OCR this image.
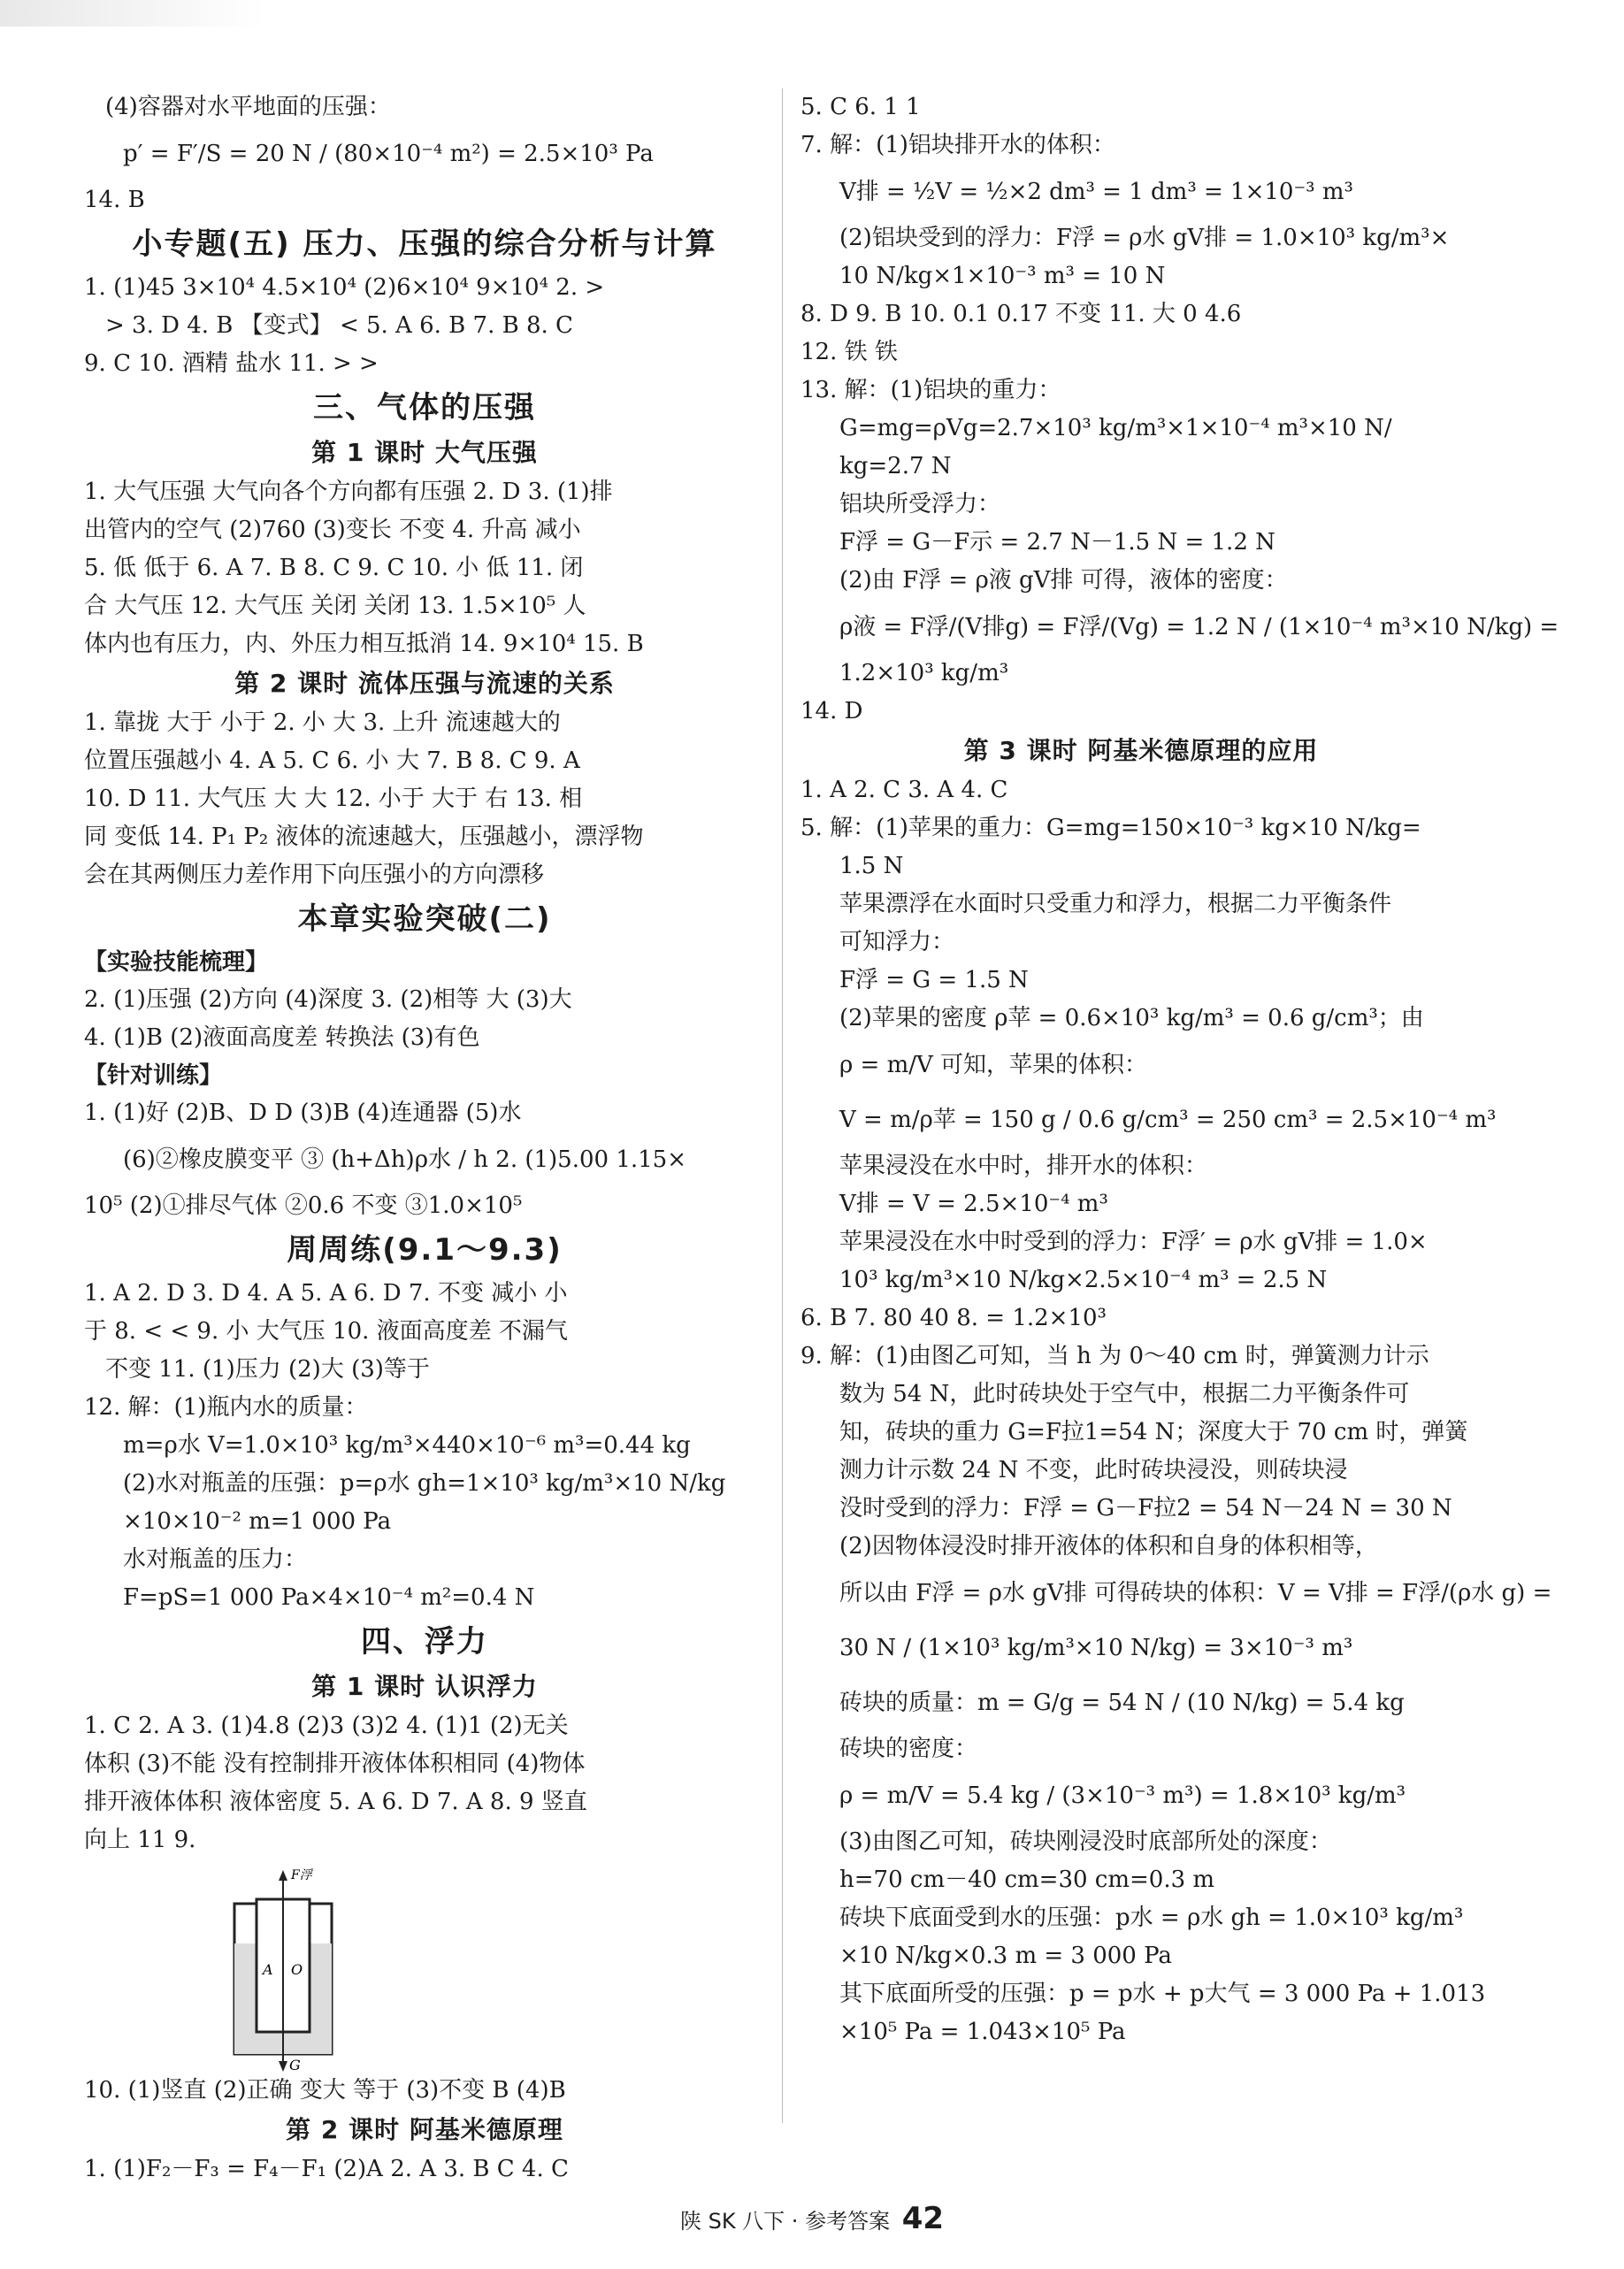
(4)容器对水平地面的压强：
p′ = F′/S = 20 N / (80×10⁻⁴ m²) = 2.5×10³ Pa
14. B
小专题(五) 压力、压强的综合分析与计算
1. (1)45 3×10⁴ 4.5×10⁴ (2)6×10⁴ 9×10⁴ 2. >
> 3. D 4. B 【变式】 < 5. A 6. B 7. B 8. C
9. C 10. 酒精 盐水 11. > >
三、气体的压强
第 1 课时 大气压强
1. 大气压强 大气向各个方向都有压强 2. D 3. (1)排
出管内的空气 (2)760 (3)变长 不变 4. 升高 减小
5. 低 低于 6. A 7. B 8. C 9. C 10. 小 低 11. 闭
合 大气压 12. 大气压 关闭 关闭 13. 1.5×10⁵ 人
体内也有压力，内、外压力相互抵消 14. 9×10⁴ 15. B
第 2 课时 流体压强与流速的关系
1. 靠拢 大于 小于 2. 小 大 3. 上升 流速越大的
位置压强越小 4. A 5. C 6. 小 大 7. B 8. C 9. A
10. D 11. 大气压 大 大 12. 小于 大于 右 13. 相
同 变低 14. P₁ P₂ 液体的流速越大，压强越小，漂浮物
会在其两侧压力差作用下向压强小的方向漂移
本章实验突破(二)
【实验技能梳理】
2. (1)压强 (2)方向 (4)深度 3. (2)相等 大 (3)大
4. (1)B (2)液面高度差 转换法 (3)有色
【针对训练】
1. (1)好 (2)B、D D (3)B (4)连通器 (5)水
(6)②橡皮膜变平 ③ (h+Δh)ρ水 / h 2. (1)5.00 1.15×
10⁵ (2)①排尽气体 ②0.6 不变 ③1.0×10⁵
周周练(9.1～9.3)
1. A 2. D 3. D 4. A 5. A 6. D 7. 不变 减小 小
于 8. < < 9. 小 大气压 10. 液面高度差 不漏气
不变 11. (1)压力 (2)大 (3)等于
12. 解：(1)瓶内水的质量：
m=ρ水 V=1.0×10³ kg/m³×440×10⁻⁶ m³=0.44 kg
(2)水对瓶盖的压强：p=ρ水 gh=1×10³ kg/m³×10 N/kg
×10×10⁻² m=1 000 Pa
水对瓶盖的压力：
F=pS=1 000 Pa×4×10⁻⁴ m²=0.4 N
四、浮力
第 1 课时 认识浮力
1. C 2. A 3. (1)4.8 (2)3 (3)2 4. (1)1 (2)无关
体积 (3)不能 没有控制排开液体体积相同 (4)物体
排开液体体积 液体密度 5. A 6. D 7. A 8. 9 竖直
向上 11 9.
F浮
G
A O
10. (1)竖直 (2)正确 变大 等于 (3)不变 B (4)B
第 2 课时 阿基米德原理
1. (1)F₂－F₃ = F₄－F₁ (2)A 2. A 3. B C 4. C
5. C 6. 1 1
7. 解：(1)铝块排开水的体积：
V排 = ½V = ½×2 dm³ = 1 dm³ = 1×10⁻³ m³
(2)铝块受到的浮力：F浮 = ρ水 gV排 = 1.0×10³ kg/m³×
10 N/kg×1×10⁻³ m³ = 10 N
8. D 9. B 10. 0.1 0.17 不变 11. 大 0 4.6
12. 铁 铁
13. 解：(1)铝块的重力：
G=mg=ρVg=2.7×10³ kg/m³×1×10⁻⁴ m³×10 N/
kg=2.7 N
铝块所受浮力：
F浮 = G－F示 = 2.7 N－1.5 N = 1.2 N
(2)由 F浮 = ρ液 gV排 可得，液体的密度：
ρ液 = F浮/(V排g) = F浮/(Vg) = 1.2 N / (1×10⁻⁴ m³×10 N/kg) =
1.2×10³ kg/m³
14. D
第 3 课时 阿基米德原理的应用
1. A 2. C 3. A 4. C
5. 解：(1)苹果的重力：G=mg=150×10⁻³ kg×10 N/kg=
1.5 N
苹果漂浮在水面时只受重力和浮力，根据二力平衡条件
可知浮力：
F浮 = G = 1.5 N
(2)苹果的密度 ρ苹 = 0.6×10³ kg/m³ = 0.6 g/cm³；由
ρ = m/V 可知，苹果的体积：
V = m/ρ苹 = 150 g / 0.6 g/cm³ = 250 cm³ = 2.5×10⁻⁴ m³
苹果浸没在水中时，排开水的体积：
V排 = V = 2.5×10⁻⁴ m³
苹果浸没在水中时受到的浮力：F浮′ = ρ水 gV排 = 1.0×
10³ kg/m³×10 N/kg×2.5×10⁻⁴ m³ = 2.5 N
6. B 7. 80 40 8. = 1.2×10³
9. 解：(1)由图乙可知，当 h 为 0～40 cm 时，弹簧测力计示
数为 54 N，此时砖块处于空气中，根据二力平衡条件可
知，砖块的重力 G=F拉1=54 N；深度大于 70 cm 时，弹簧
测力计示数 24 N 不变，此时砖块浸没，则砖块浸
没时受到的浮力：F浮 = G－F拉2 = 54 N－24 N = 30 N
(2)因物体浸没时排开液体的体积和自身的体积相等，
所以由 F浮 = ρ水 gV排 可得砖块的体积：V = V排 = F浮/(ρ水 g) =
30 N / (1×10³ kg/m³×10 N/kg) = 3×10⁻³ m³
砖块的质量：m = G/g = 54 N / (10 N/kg) = 5.4 kg
砖块的密度：
ρ = m/V = 5.4 kg / (3×10⁻³ m³) = 1.8×10³ kg/m³
(3)由图乙可知，砖块刚浸没时底部所处的深度：
h=70 cm－40 cm=30 cm=0.3 m
砖块下底面受到水的压强：p水 = ρ水 gh = 1.0×10³ kg/m³
×10 N/kg×0.3 m = 3 000 Pa
其下底面所受的压强：p = p水 + p大气 = 3 000 Pa + 1.013
×10⁵ Pa = 1.043×10⁵ Pa
陕 SK 八下 · 参考答案 42
